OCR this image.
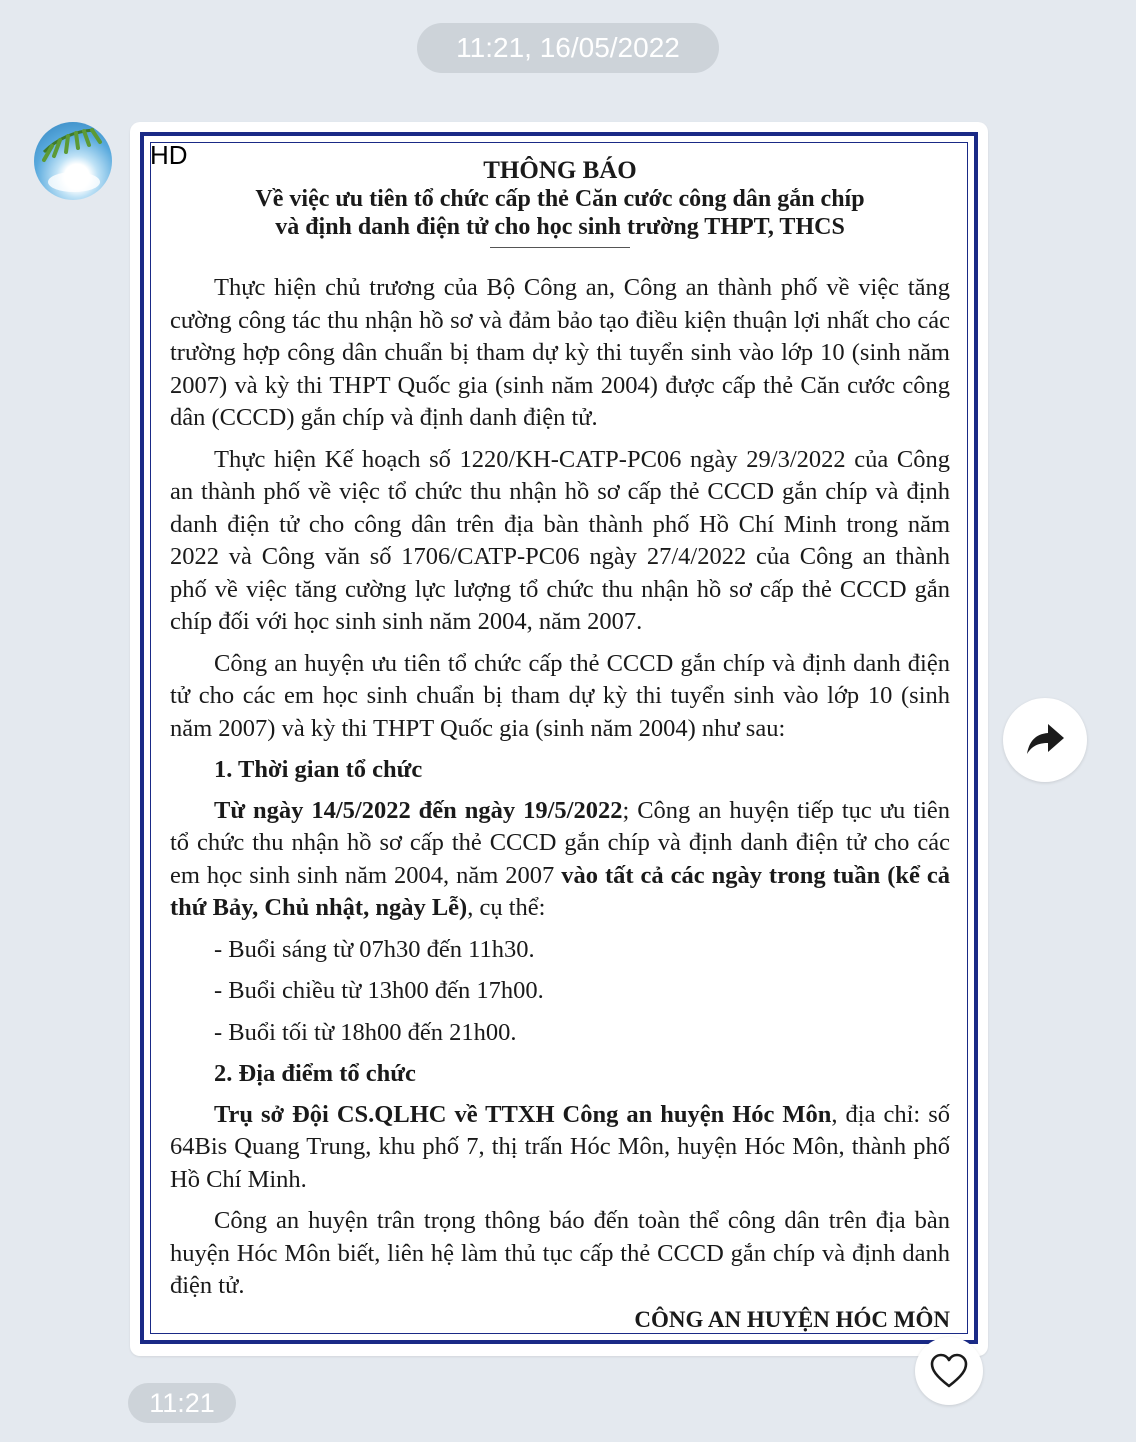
11:21, 16/05/2022
HD
THÔNG BÁO
Về việc ưu tiên tổ chức cấp thẻ Căn cước công dân gắn chíp
và định danh điện tử cho học sinh trường THPT, THCS

Thực hiện chủ trương của Bộ Công an, Công an thành phố về việc tăng cường công tác thu nhận hồ sơ và đảm bảo tạo điều kiện thuận lợi nhất cho các trường hợp công dân chuẩn bị tham dự kỳ thi tuyển sinh vào lớp 10 (sinh năm 2007) và kỳ thi THPT Quốc gia (sinh năm 2004) được cấp thẻ Căn cước công dân (CCCD) gắn chíp và định danh điện tử.

Thực hiện Kế hoạch số 1220/KH-CATP-PC06 ngày 29/3/2022 của Công an thành phố về việc tổ chức thu nhận hồ sơ cấp thẻ CCCD gắn chíp và định danh điện tử cho công dân trên địa bàn thành phố Hồ Chí Minh trong năm 2022 và Công văn số 1706/CATP-PC06 ngày 27/4/2022 của Công an thành phố về việc tăng cường lực lượng tổ chức thu nhận hồ sơ cấp thẻ CCCD gắn chíp đối với học sinh sinh năm 2004, năm 2007.

Công an huyện ưu tiên tổ chức cấp thẻ CCCD gắn chíp và định danh điện tử cho các em học sinh chuẩn bị tham dự kỳ thi tuyển sinh vào lớp 10 (sinh năm 2007) và kỳ thi THPT Quốc gia (sinh năm 2004) như sau:

1. Thời gian tổ chức

Từ ngày 14/5/2022 đến ngày 19/5/2022; Công an huyện tiếp tục ưu tiên tổ chức thu nhận hồ sơ cấp thẻ CCCD gắn chíp và định danh điện tử cho các em học sinh sinh năm 2004, năm 2007 vào tất cả các ngày trong tuần (kể cả thứ Bảy, Chủ nhật, ngày Lễ), cụ thể:

- Buổi sáng từ 07h30 đến 11h30.

- Buổi chiều từ 13h00 đến 17h00.

- Buổi tối từ 18h00 đến 21h00.

2. Địa điểm tổ chức

Trụ sở Đội CS.QLHC về TTXH Công an huyện Hóc Môn, địa chỉ: số 64Bis Quang Trung, khu phố 7, thị trấn Hóc Môn, huyện Hóc Môn, thành phố Hồ Chí Minh.

Công an huyện trân trọng thông báo đến toàn thể công dân trên địa bàn huyện Hóc Môn biết, liên hệ làm thủ tục cấp thẻ CCCD gắn chíp và định danh điện tử.

CÔNG AN HUYỆN HÓC MÔN

11:21
